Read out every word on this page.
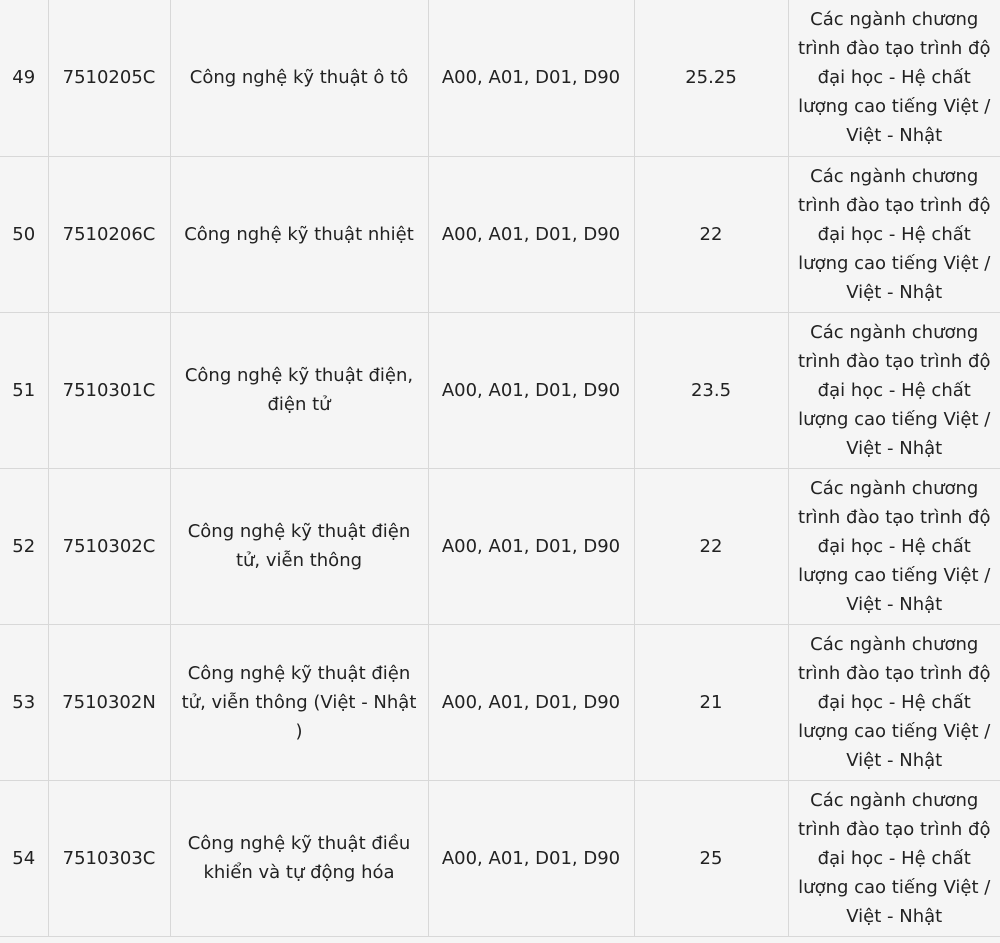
49	7510205C	Công nghệ kỹ thuật ô tô	A00, A01, D01, D90	25.25	Các ngành chương trình đào tạo trình độ đại học - Hệ chất lượng cao tiếng Việt / Việt - Nhật
50	7510206C	Công nghệ kỹ thuật nhiệt	A00, A01, D01, D90	22	Các ngành chương trình đào tạo trình độ đại học - Hệ chất lượng cao tiếng Việt / Việt - Nhật
51	7510301C	Công nghệ kỹ thuật điện, điện tử	A00, A01, D01, D90	23.5	Các ngành chương trình đào tạo trình độ đại học - Hệ chất lượng cao tiếng Việt / Việt - Nhật
52	7510302C	Công nghệ kỹ thuật điện tử, viễn thông	A00, A01, D01, D90	22	Các ngành chương trình đào tạo trình độ đại học - Hệ chất lượng cao tiếng Việt / Việt - Nhật
53	7510302N	Công nghệ kỹ thuật điện tử, viễn thông (Việt - Nhật )	A00, A01, D01, D90	21	Các ngành chương trình đào tạo trình độ đại học - Hệ chất lượng cao tiếng Việt / Việt - Nhật
54	7510303C	Công nghệ kỹ thuật điều khiển và tự động hóa	A00, A01, D01, D90	25	Các ngành chương trình đào tạo trình độ đại học - Hệ chất lượng cao tiếng Việt / Việt - Nhật
